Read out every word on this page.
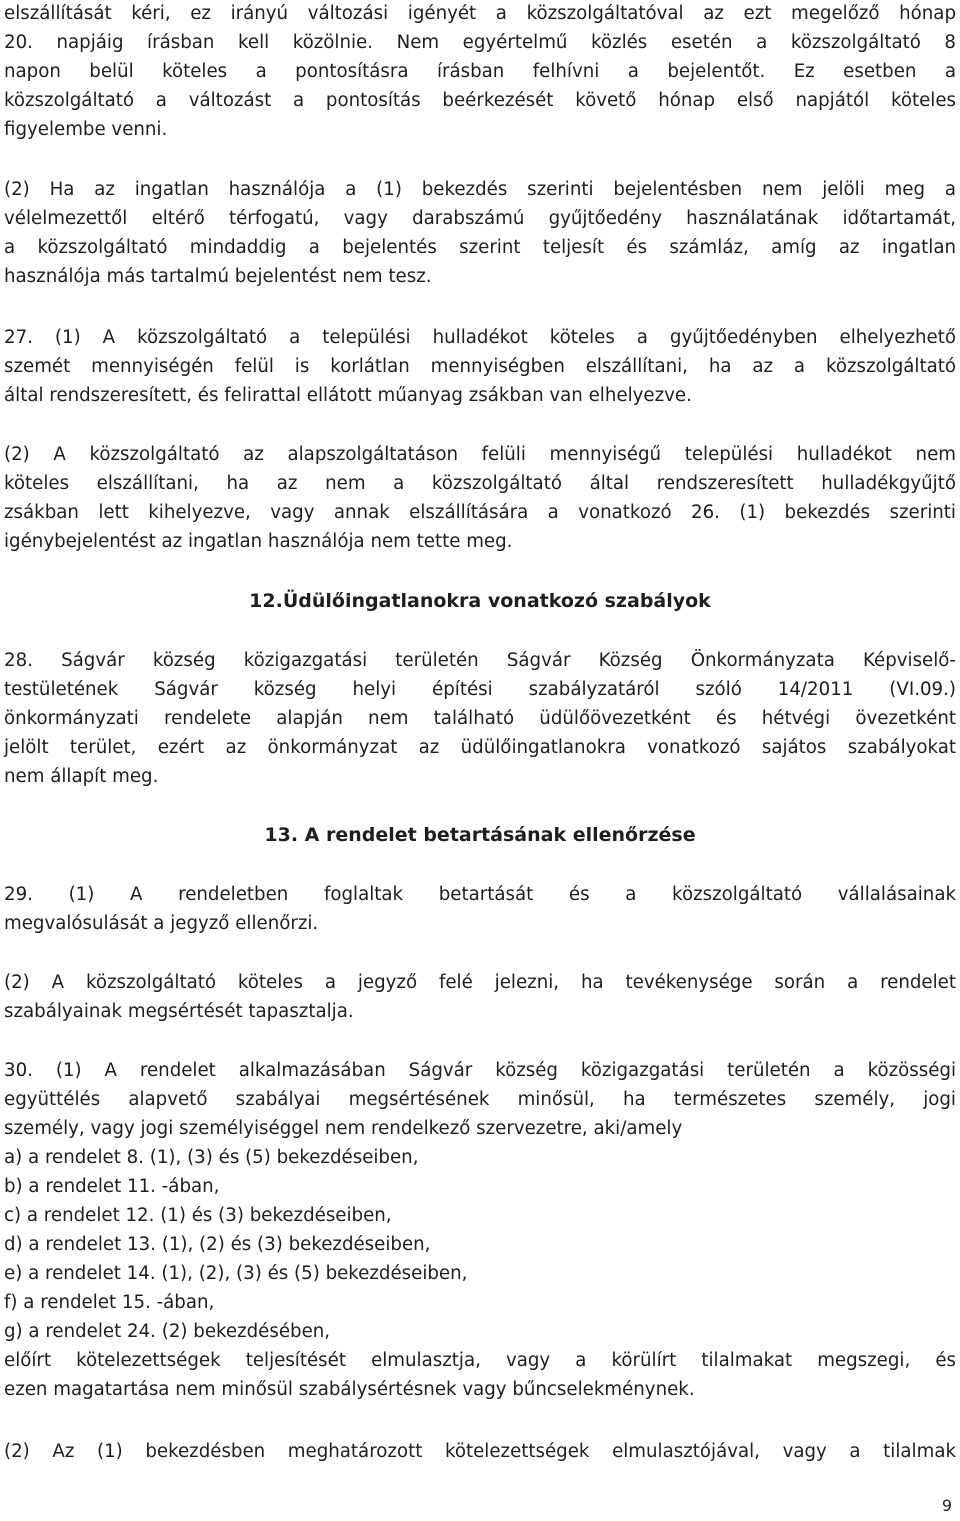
elszállítását kéri, ez irányú változási igényét a közszolgáltatóval az ezt megelőző hónap
20. napjáig írásban kell közölnie. Nem egyértelmű közlés esetén a közszolgáltató 8
napon belül köteles a pontosításra írásban felhívni a bejelentőt. Ez esetben a
közszolgáltató a változást a pontosítás beérkezését követő hónap első napjától köteles
figyelembe venni.
(2) Ha az ingatlan használója a (1) bekezdés szerinti bejelentésben nem jelöli meg a
vélelmezettől eltérő térfogatú, vagy darabszámú gyűjtőedény használatának időtartamát,
a közszolgáltató mindaddig a bejelentés szerint teljesít és számláz, amíg az ingatlan
használója más tartalmú bejelentést nem tesz.
27. (1) A közszolgáltató a települési hulladékot köteles a gyűjtőedényben elhelyezhető
szemét mennyiségén felül is korlátlan mennyiségben elszállítani, ha az a közszolgáltató
által rendszeresített, és felirattal ellátott műanyag zsákban van elhelyezve.
(2) A közszolgáltató az alapszolgáltatáson felüli mennyiségű települési hulladékot nem
köteles elszállítani, ha az nem a közszolgáltató által rendszeresített hulladékgyűjtő
zsákban lett kihelyezve, vagy annak elszállítására a vonatkozó 26. (1) bekezdés szerinti
igénybejelentést az ingatlan használója nem tette meg.
12.Üdülőingatlanokra vonatkozó szabályok
28. Ságvár község közigazgatási területén Ságvár Község Önkormányzata Képviselő-
testületének Ságvár község helyi építési szabályzatáról szóló 14/2011 (VI.09.)
önkormányzati rendelete alapján nem található üdülőövezetként és hétvégi övezetként
jelölt terület, ezért az önkormányzat az üdülőingatlanokra vonatkozó sajátos szabályokat
nem állapít meg.
13. A rendelet betartásának ellenőrzése
29. (1) A rendeletben foglaltak betartását és a közszolgáltató vállalásainak
megvalósulását a jegyző ellenőrzi.
(2) A közszolgáltató köteles a jegyző felé jelezni, ha tevékenysége során a rendelet
szabályainak megsértését tapasztalja.
30. (1) A rendelet alkalmazásában Ságvár község közigazgatási területén a közösségi
együttélés alapvető szabályai megsértésének minősül, ha természetes személy, jogi
személy, vagy jogi személyiséggel nem rendelkező szervezetre, aki/amely
a) a rendelet 8. (1), (3) és (5) bekezdéseiben,
b) a rendelet 11. -ában,
c) a rendelet 12. (1) és (3) bekezdéseiben,
d) a rendelet 13. (1), (2) és (3) bekezdéseiben,
e) a rendelet 14. (1), (2), (3) és (5) bekezdéseiben,
f) a rendelet 15. -ában,
g) a rendelet 24. (2) bekezdésében,
előírt kötelezettségek teljesítését elmulasztja, vagy a körülírt tilalmakat megszegi, és
ezen magatartása nem minősül szabálysértésnek vagy bűncselekménynek.
(2) Az (1) bekezdésben meghatározott kötelezettségek elmulasztójával, vagy a tilalmak
9
